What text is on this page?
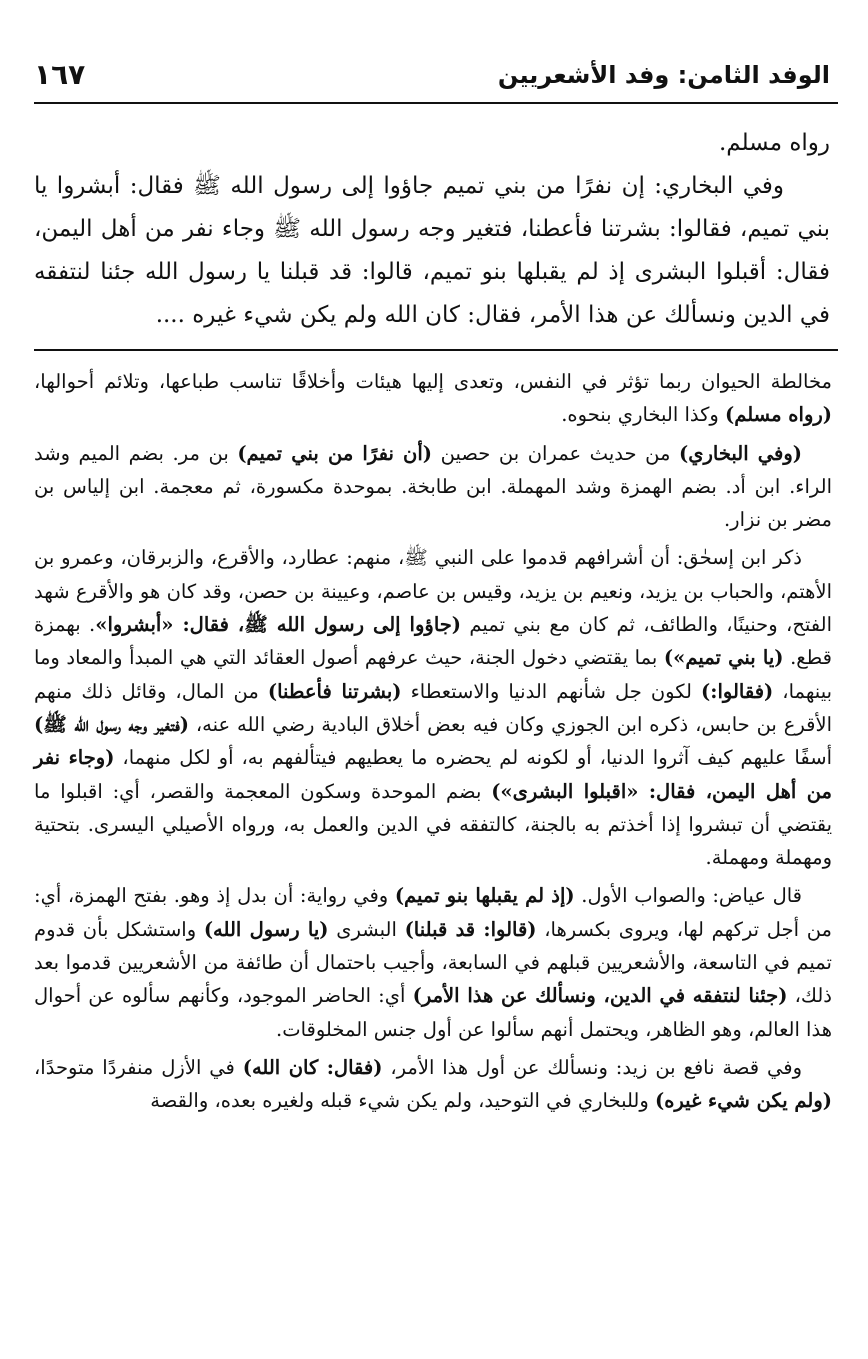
الوفد الثامن: وفد الأشعريين
١٦٧

رواه مسلم.

وفي البخاري: إن نفرًا من بني تميم جاؤوا إلى رسول الله ﷺ فقال: أبشروا يا بني تميم، فقالوا: بشرتنا فأعطنا، فتغير وجه رسول الله ﷺ وجاء نفر من أهل اليمن، فقال: أقبلوا البشرى إذ لم يقبلها بنو تميم، قالوا: قد قبلنا يا رسول الله جئنا لنتفقه في الدين ونسألك عن هذا الأمر، فقال: كان الله ولم يكن شيء غيره ....

مخالطة الحيوان ربما تؤثر في النفس، وتعدى إليها هيئات وأخلاقًا تناسب طباعها، وتلائم أحوالها، (رواه مسلم) وكذا البخاري بنحوه.

(وفي البخاري) من حديث عمران بن حصين (أن نفرًا من بني تميم) بن مر. بضم الميم وشد الراء. ابن أد. بضم الهمزة وشد المهملة. ابن طابخة. بموحدة مكسورة، ثم معجمة. ابن إلياس بن مضر بن نزار.

ذكر ابن إسحٰق: أن أشرافهم قدموا على النبي ﷺ، منهم: عطارد، والأقرع، والزبرقان، وعمرو بن الأهتم، والحباب بن يزيد، ونعيم بن يزيد، وقيس بن عاصم، وعيينة بن حصن، وقد كان هو والأقرع شهد الفتح، وحنينًا، والطائف، ثم كان مع بني تميم (جاؤوا إلى رسول الله ﷺ، فقال: «أبشروا». بهمزة قطع. (يا بني تميم») بما يقتضي دخول الجنة، حيث عرفهم أصول العقائد التي هي المبدأ والمعاد وما بينهما، (فقالوا:) لكون جل شأنهم الدنيا والاستعطاء (بشرتنا فأعطنا) من المال، وقائل ذلك منهم الأقرع بن حابس، ذكره ابن الجوزي وكان فيه بعض أخلاق البادية رضي الله عنه، (فتغير وجه رسول الله ﷺ) أسفًا عليهم كيف آثروا الدنيا، أو لكونه لم يحضره ما يعطيهم فيتألفهم به، أو لكل منهما، (وجاء نفر من أهل اليمن، فقال: «اقبلوا البشرى») بضم الموحدة وسكون المعجمة والقصر، أي: اقبلوا ما يقتضي أن تبشروا إذا أخذتم به بالجنة، كالتفقه في الدين والعمل به، ورواه الأصيلي اليسرى. بتحتية ومهملة ومهملة.

قال عياض: والصواب الأول. (إذ لم يقبلها بنو تميم) وفي رواية: أن بدل إذ وهو. بفتح الهمزة، أي: من أجل تركهم لها، ويروى بكسرها، (قالوا: قد قبلنا) البشرى (يا رسول الله) واستشكل بأن قدوم تميم في التاسعة، والأشعريين قبلهم في السابعة، وأجيب باحتمال أن طائفة من الأشعريين قدموا بعد ذلك، (جئنا لنتفقه في الدين، ونسألك عن هذا الأمر) أي: الحاضر الموجود، وكأنهم سألوه عن أحوال هذا العالم، وهو الظاهر، ويحتمل أنهم سألوا عن أول جنس المخلوقات.

وفي قصة نافع بن زيد: ونسألك عن أول هذا الأمر، (فقال: كان الله) في الأزل منفردًا متوحدًا، (ولم يكن شيء غيره) وللبخاري في التوحيد، ولم يكن شيء قبله ولغيره بعده، والقصة
